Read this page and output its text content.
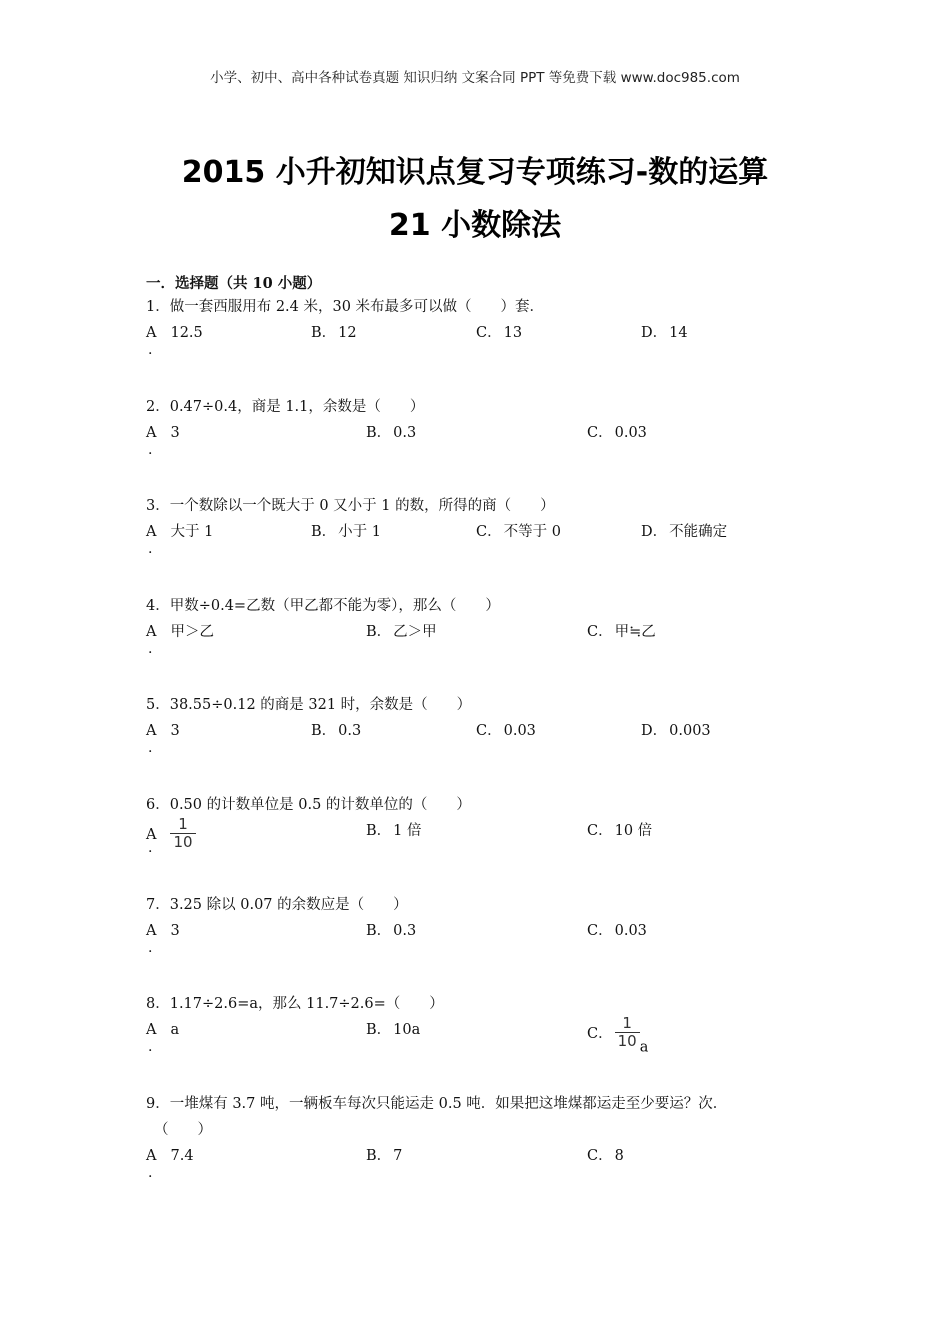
小学、初中、高中各种试卷真题 知识归纳 文案合同 PPT 等免费下载 www.doc985.com
2015 小升初知识点复习专项练习-数的运算
21 小数除法
一．选择题（共 10 小题）
1．做一套西服用布 2.4 米，30 米布最多可以做（　　）套．
A 12.5	B． 12	C． 13	D． 14
.
2．0.47÷0.4，商是 1.1，余数是（　　）
A 3	B． 0.3	C． 0.03
.
3．一个数除以一个既大于 0 又小于 1 的数，所得的商（　　）
A 大于 1	B． 小于 1	C． 不等于 0	D． 不能确定
.
4．甲数÷0.4=乙数（甲乙都不能为零），那么（　　）
A 甲＞乙	B． 乙＞甲	C． 甲≒乙
.
5．38.55÷0.12 的商是 321 时，余数是（　　）
A 3	B． 0.3	C． 0.03	D． 0.003
.
6．0.50 的计数单位是 0.5 的计数单位的（　　）
A $\frac{1}{10}$	B． 1 倍	C． 10 倍
.
7．3.25 除以 0.07 的余数应是（　　）
A 3	B． 0.3	C． 0.03
.
8．1.17÷2.6=a，那么 11.7÷2.6=（　　）
A a	B． 10a	C． $\frac{1}{10}$ a
.
9．一堆煤有 3.7 吨，一辆板车每次只能运走 0.5 吨．如果把这堆煤都运走至少要运？次．
（　　）
A 7.4	B． 7	C． 8
.
